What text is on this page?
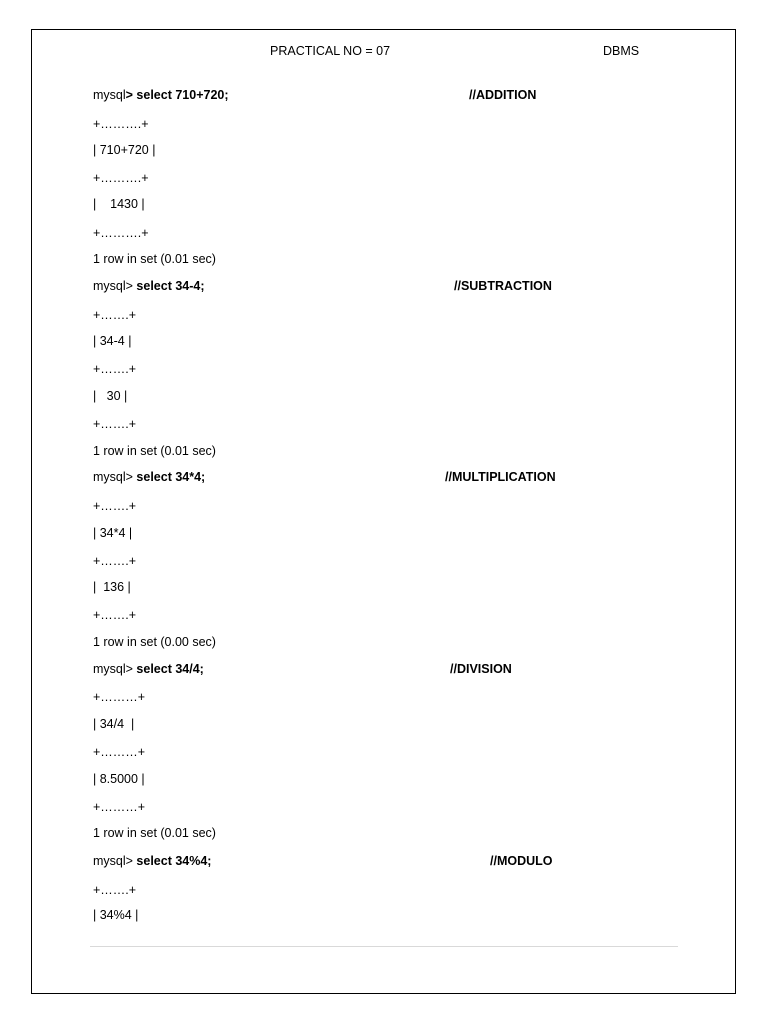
PRACTICAL NO = 07	DBMS
mysql> select 710+720;	//ADDITION
+……….+
| 710+720 |
+……….+
|    1430 |
+……….+
1 row in set (0.01 sec)
mysql> select 34-4;	//SUBTRACTION
+…….+
| 34-4 |
+…….+
|   30 |
+…….+
1 row in set (0.01 sec)
mysql> select 34*4;	//MULTIPLICATION
+…….+
| 34*4 |
+…….+
|  136 |
+…….+
1 row in set (0.00 sec)
mysql> select 34/4;	//DIVISION
+………+
| 34/4  |
+………+
| 8.5000 |
+………+
1 row in set (0.01 sec)
mysql> select 34%4;	//MODULO
+…….+
| 34%4 |
